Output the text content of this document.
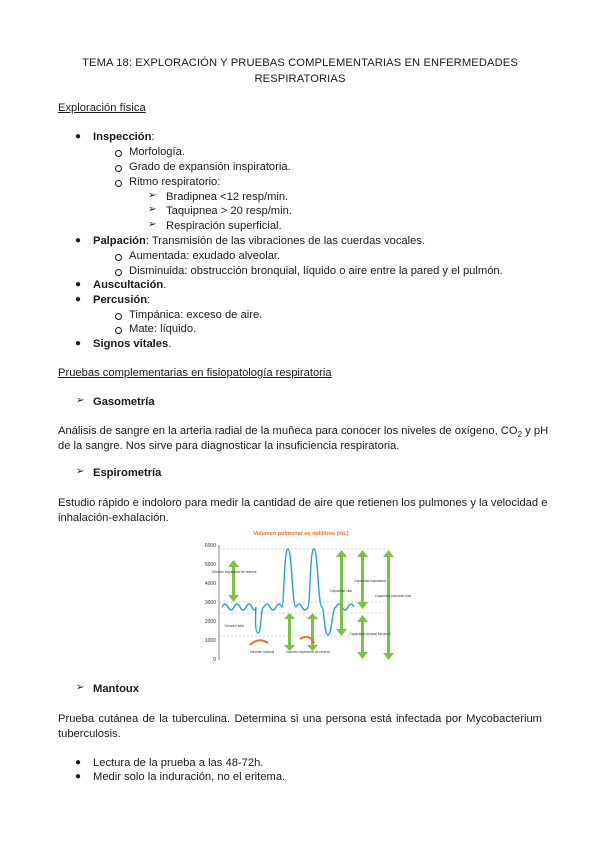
TEMA 18: EXPLORACIÓN Y PRUEBAS COMPLEMENTARIAS EN ENFERMEDADES
RESPIRATORIAS
Exploración física
● Inspección:
Morfología.
Grado de expansión inspiratoria.
Ritmo respiratorio:
➢ Bradipnea <12 resp/min.
➢ Taquipnea > 20 resp/min.
➢ Respiración superficial.
● Palpación: Transmisión de las vibraciones de las cuerdas vocales.
Aumentada: exudado alveolar.
Disminuida: obstrucción bronquial, líquido o aire entre la pared y el pulmón.
● Auscultación.
● Percusión:
Timpánica: exceso de aire.
Mate: líquido.
● Signos vitales.
Pruebas complementarias en fisiopatología respiratoria
➢ Gasometría
Análisis de sangre en la arteria radial de la muñeca para conocer los niveles de oxígeno, $CO_2$ y pH
de la sangre. Nos sirve para diagnosticar la insuficiencia respiratoria.
➢ Espirometría
Estudio rápido e indoloro para medir la cantidad de aire que retienen los pulmones y la velocidad e
inhalación-exhalación.
Volumen pulmonar en mililitros (mL)
6000
5000
4000
3000
2000
1000
0
Volumen inspiratorio de reserva
Volumen tidal
Volumen residual	Volumen espiratorio de reserva
Capacidad vital
Capacidad inspiratoria
Capacidad pulmonar total
Capacidad residual funcional
➢ Mantoux
Prueba cutánea de la tuberculina. Determina si una persona está infectada por Mycobacterium
tuberculosis.
● Lectura de la prueba a las 48-72h.
● Medir solo la induración, no el eritema.
